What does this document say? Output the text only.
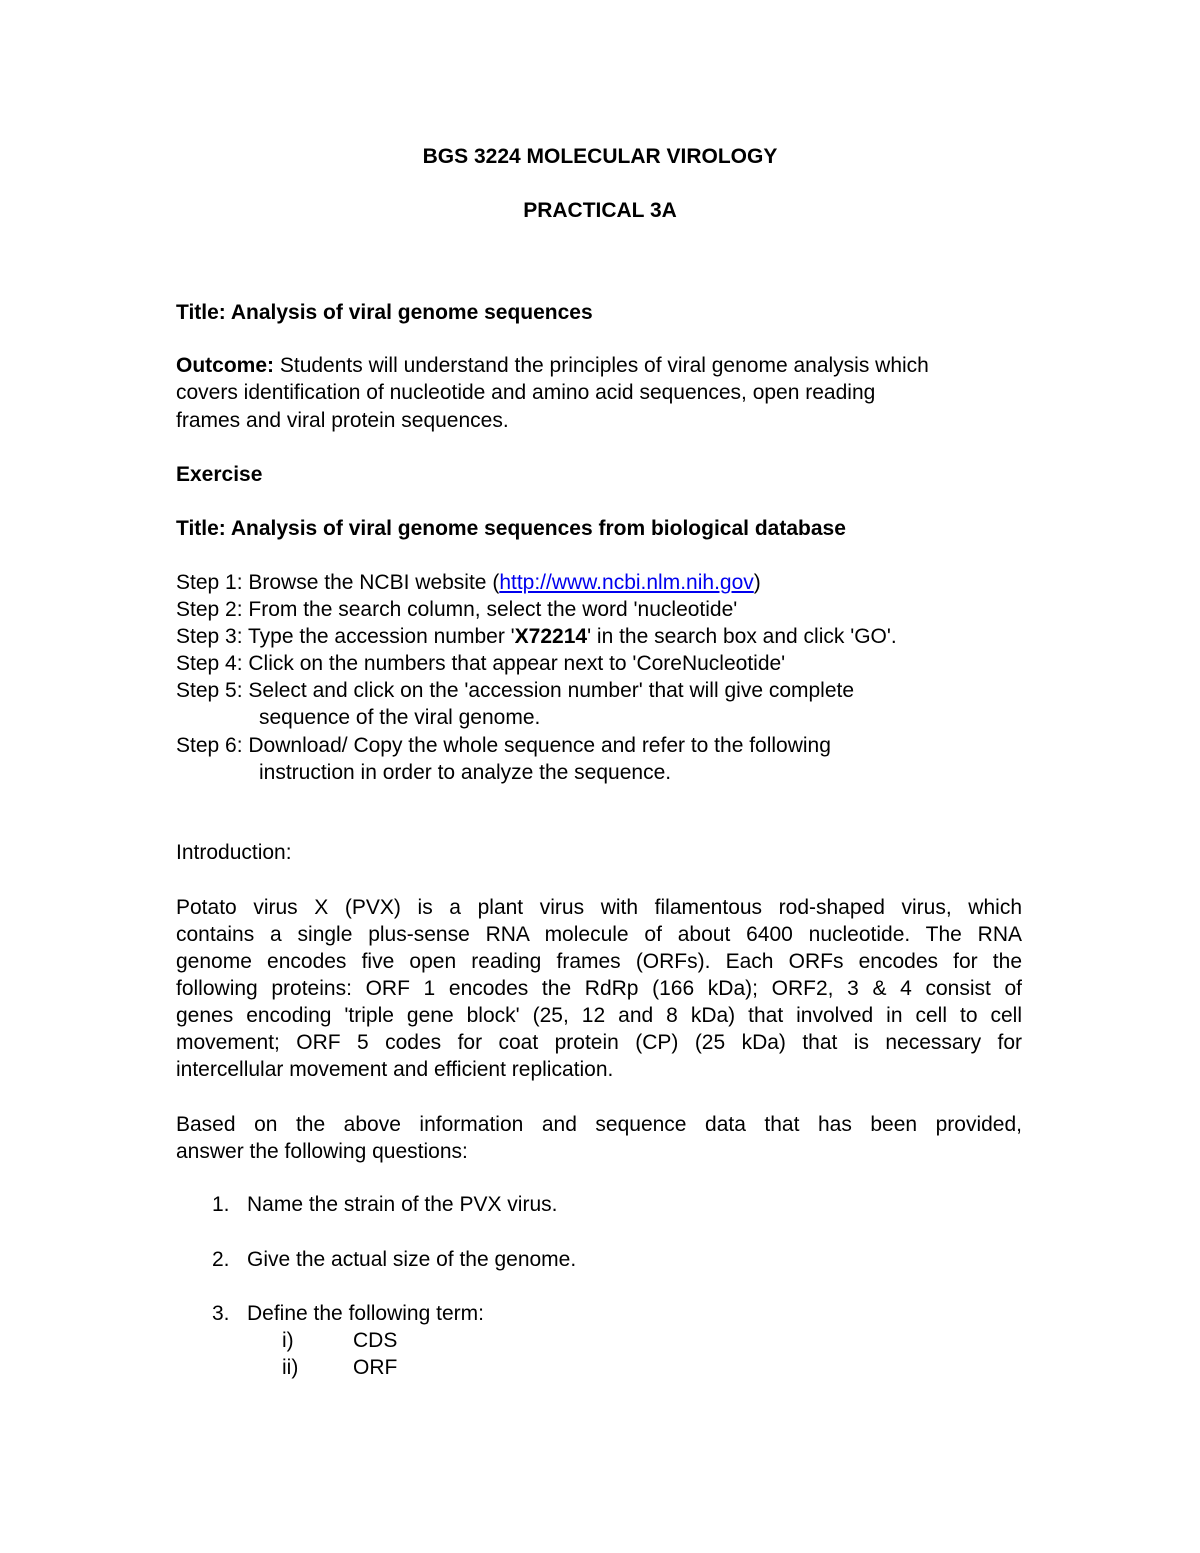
BGS 3224 MOLECULAR VIROLOGY

PRACTICAL 3A

Title: Analysis of viral genome sequences

Outcome: Students will understand the principles of viral genome analysis which

covers identification of nucleotide and amino acid sequences, open reading

frames and viral protein sequences.

Exercise

Title: Analysis of viral genome sequences from biological database

Step 1: Browse the NCBI website (http://www.ncbi.nlm.nih.gov)

Step 2: From the search column, select the word 'nucleotide'

Step 3: Type the accession number 'X72214' in the search box and click 'GO'.

Step 4: Click on the numbers that appear next to 'CoreNucleotide'

Step 5: Select and click on the 'accession number' that will give complete

sequence of the viral genome.

Step 6: Download/ Copy the whole sequence and refer to the following

instruction in order to analyze the sequence.

Introduction:

Potato virus X (PVX) is a plant virus with filamentous rod-shaped virus, which
contains a single plus-sense RNA molecule of about 6400 nucleotide. The RNA
genome encodes five open reading frames (ORFs). Each ORFs encodes for the
following proteins: ORF 1 encodes the RdRp (166 kDa); ORF2, 3 & 4 consist of
genes encoding 'triple gene block' (25, 12 and 8 kDa) that involved in cell to cell
movement; ORF 5 codes for coat protein (CP) (25 kDa) that is necessary for

intercellular movement and efficient replication.

Based on the above information and sequence data that has been provided,

answer the following questions:

1. Name the strain of the PVX virus.
2. Give the actual size of the genome.
3. Define the following term:
i)	CDS
ii)	ORF
